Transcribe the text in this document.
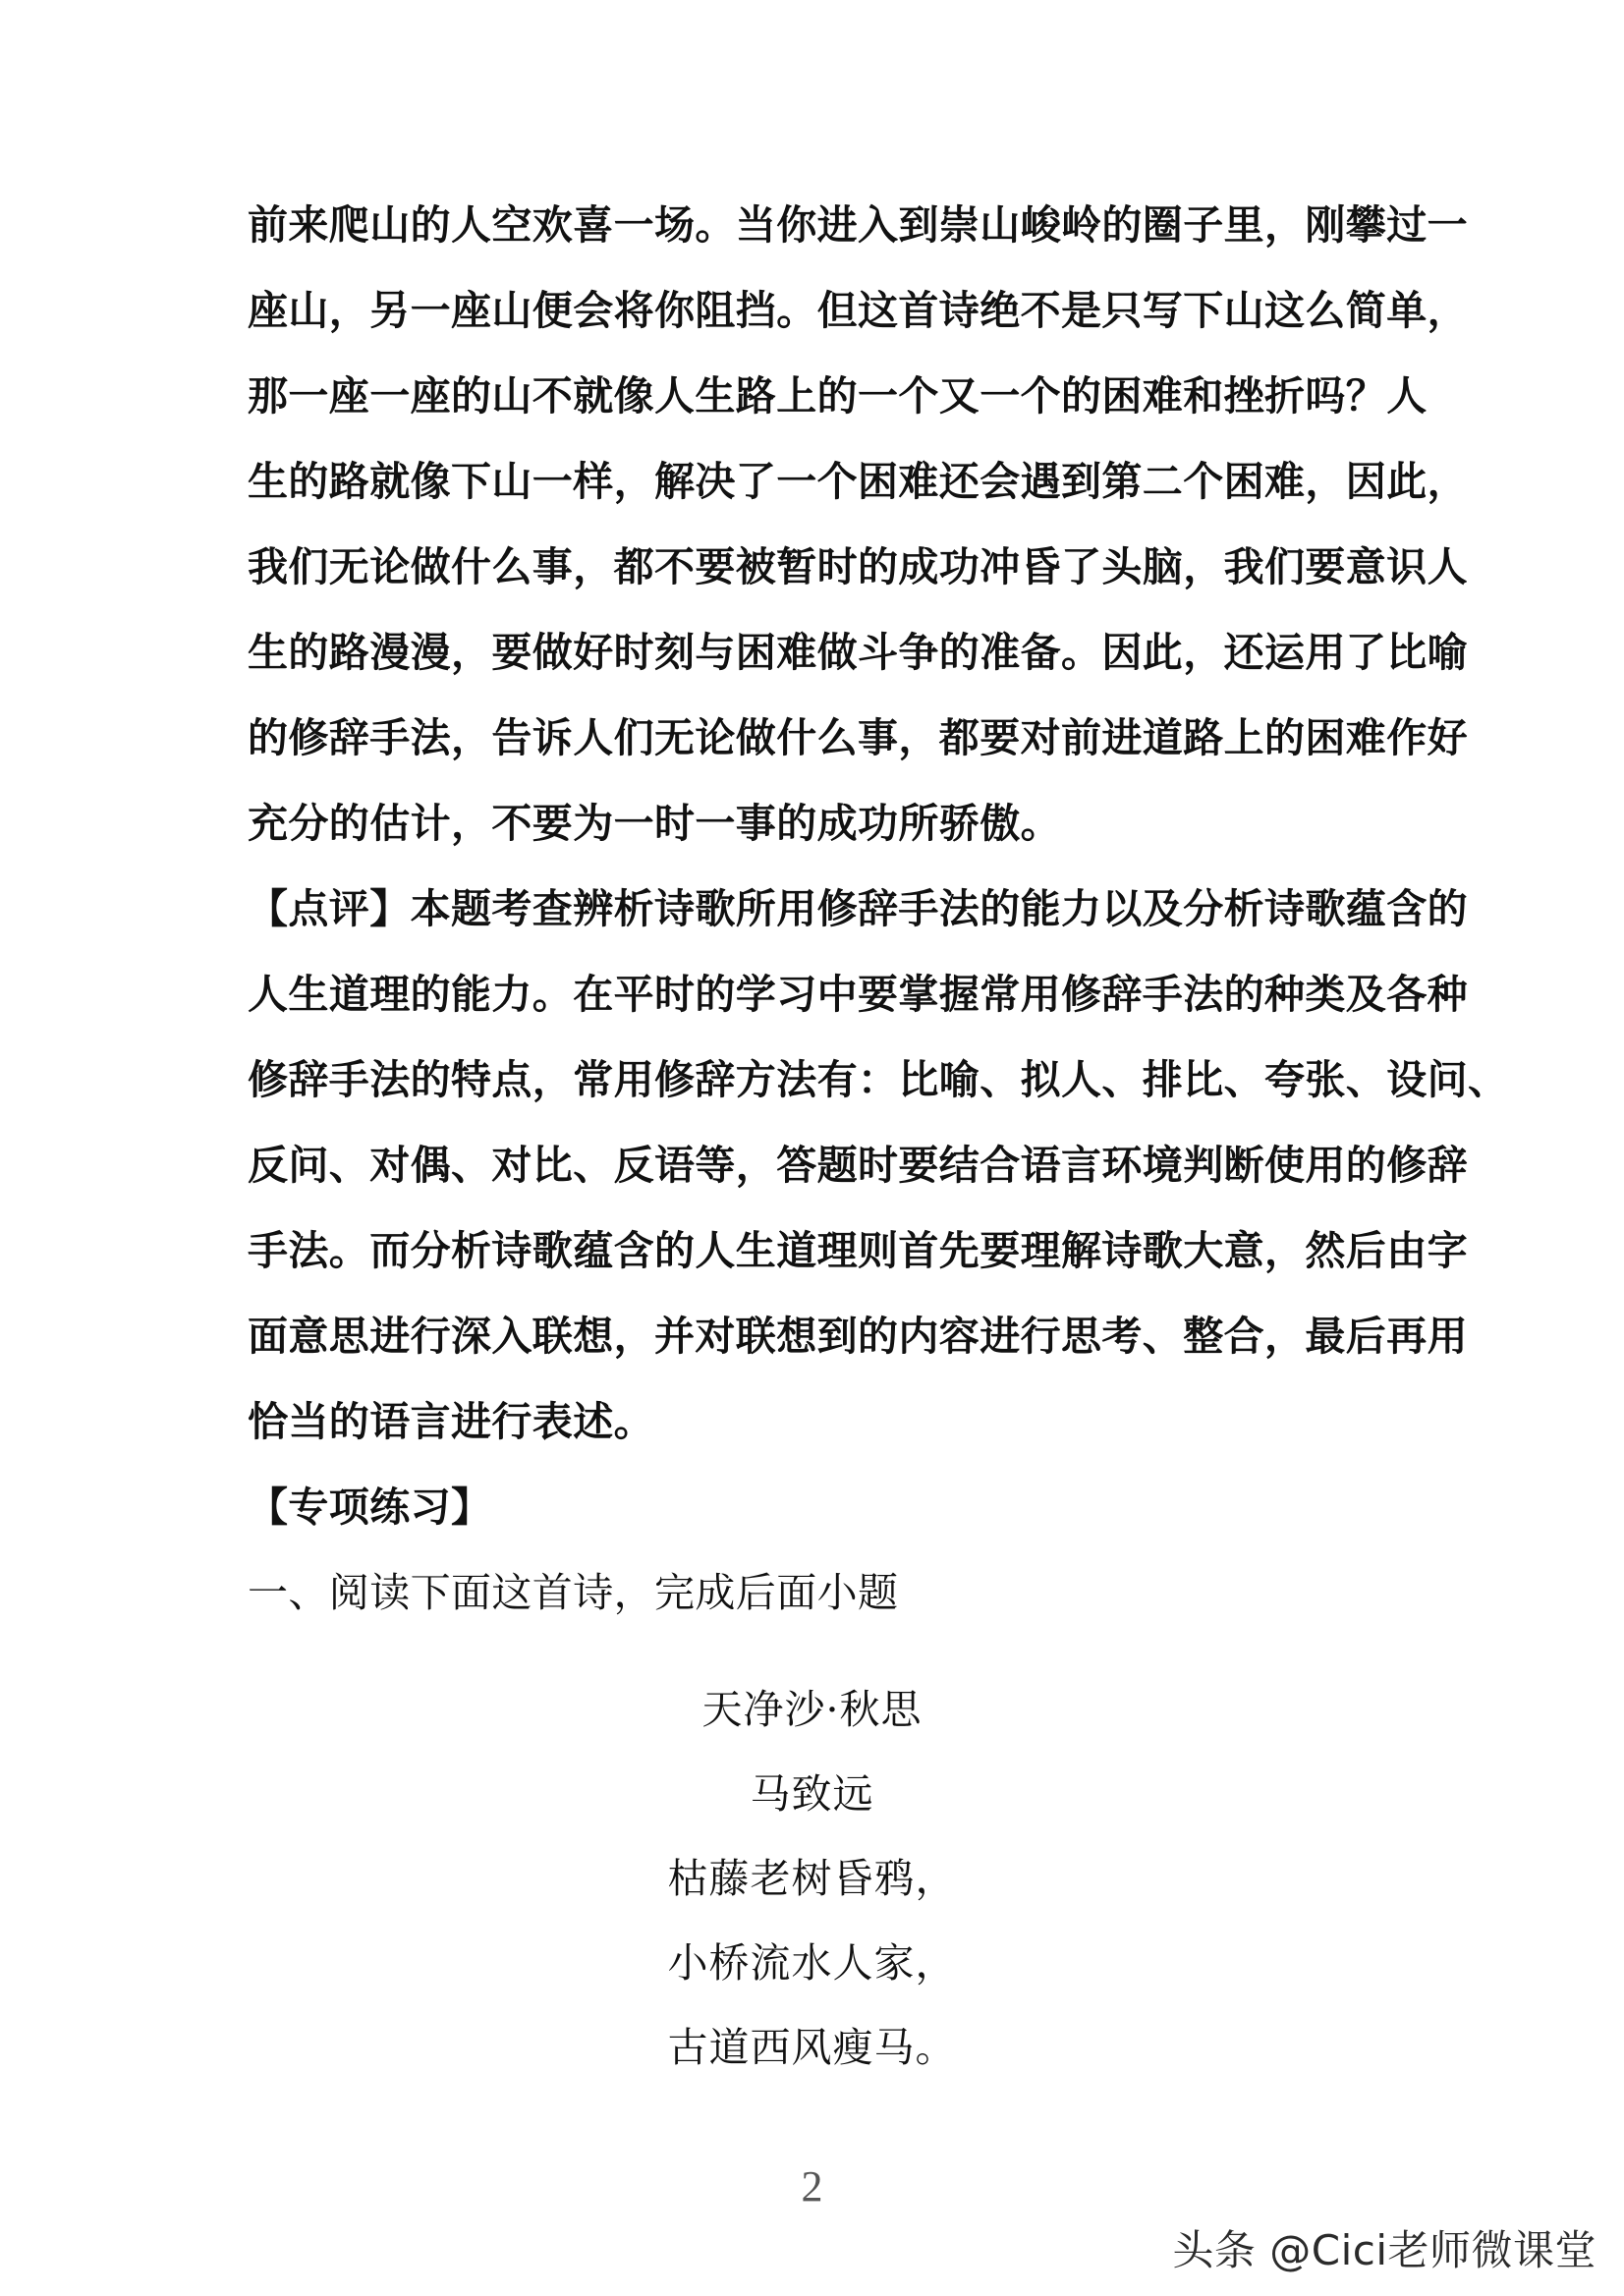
前来爬山的人空欢喜一场。当你进入到崇山峻岭的圈子里，刚攀过一
座山，另一座山便会将你阻挡。但这首诗绝不是只写下山这么简单，
那一座一座的山不就像人生路上的一个又一个的困难和挫折吗？人
生的路就像下山一样，解决了一个困难还会遇到第二个困难，因此，
我们无论做什么事，都不要被暂时的成功冲昏了头脑，我们要意识人
生的路漫漫，要做好时刻与困难做斗争的准备。因此，还运用了比喻
的修辞手法，告诉人们无论做什么事，都要对前进道路上的困难作好
充分的估计，不要为一时一事的成功所骄傲。
【点评】本题考查辨析诗歌所用修辞手法的能力以及分析诗歌蕴含的
人生道理的能力。在平时的学习中要掌握常用修辞手法的种类及各种
修辞手法的特点，常用修辞方法有：比喻、拟人、排比、夸张、设问、
反问、对偶、对比、反语等，答题时要结合语言环境判断使用的修辞
手法。而分析诗歌蕴含的人生道理则首先要理解诗歌大意，然后由字
面意思进行深入联想，并对联想到的内容进行思考、整合，最后再用
恰当的语言进行表述。
【专项练习】
一、阅读下面这首诗，完成后面小题
天净沙·秋思
马致远
枯藤老树昏鸦，
小桥流水人家，
古道西风瘦马。
2
头条 @Cici老师微课堂
